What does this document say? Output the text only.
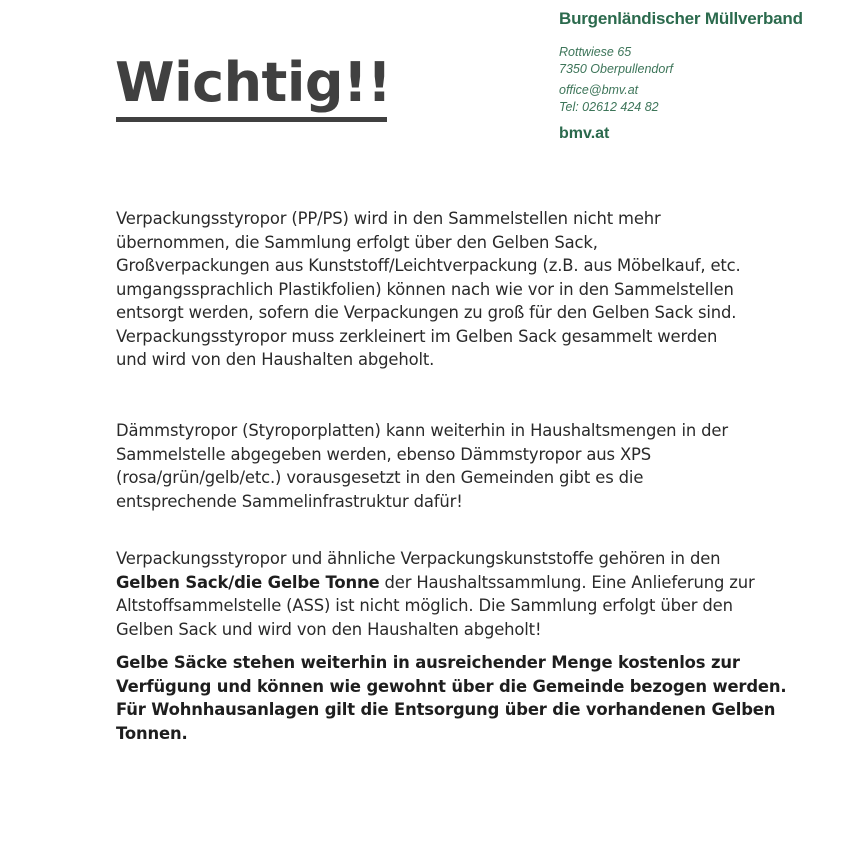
Burgenländischer Müllverband

Rottwiese 65

7350 Oberpullendorf

office@bmv.at

Tel: 02612 424 82

bmv.at

Wichtig!!

Verpackungsstyropor (PP/PS) wird in den Sammelstellen nicht mehr
übernommen, die Sammlung erfolgt über den Gelben Sack,
Großverpackungen aus Kunststoff/Leichtverpackung (z.B. aus Möbelkauf, etc.
umgangssprachlich Plastikfolien) können nach wie vor in den Sammelstellen
entsorgt werden, sofern die Verpackungen zu groß für den Gelben Sack sind.
Verpackungsstyropor muss zerkleinert im Gelben Sack gesammelt werden
und wird von den Haushalten abgeholt.

Dämmstyropor (Styroporplatten) kann weiterhin in Haushaltsmengen in der
Sammelstelle abgegeben werden, ebenso Dämmstyropor aus XPS
(rosa/grün/gelb/etc.) vorausgesetzt in den Gemeinden gibt es die
entsprechende Sammelinfrastruktur dafür!

Verpackungsstyropor und ähnliche Verpackungskunststoffe gehören in den
Gelben Sack/die Gelbe Tonne der Haushaltssammlung. Eine Anlieferung zur
Altstoffsammelstelle (ASS) ist nicht möglich. Die Sammlung erfolgt über den
Gelben Sack und wird von den Haushalten abgeholt!

Gelbe Säcke stehen weiterhin in ausreichender Menge kostenlos zur
Verfügung und können wie gewohnt über die Gemeinde bezogen werden.
Für Wohnhausanlagen gilt die Entsorgung über die vorhandenen Gelben
Tonnen.
